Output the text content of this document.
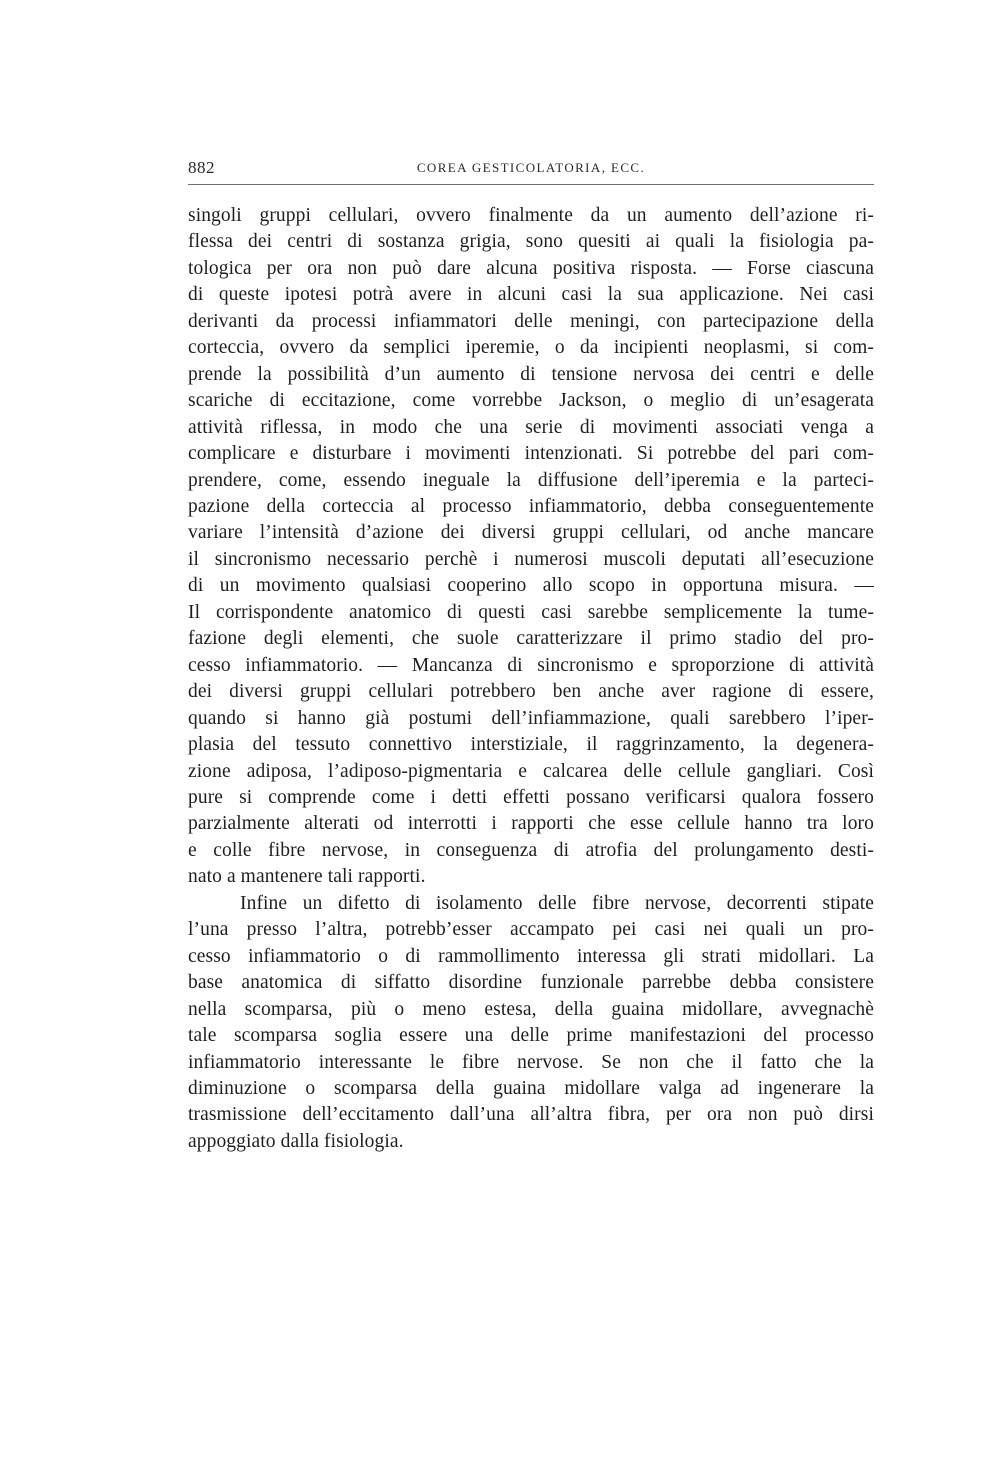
882	COREA GESTICOLATORIA, ECC.

singoli gruppi cellulari, ovvero finalmente da un aumento dell’azione ri-
flessa dei centri di sostanza grigia, sono quesiti ai quali la fisiologia pa-
tologica per ora non può dare alcuna positiva risposta. — Forse ciascuna
di queste ipotesi potrà avere in alcuni casi la sua applicazione. Nei casi
derivanti da processi infiammatori delle meningi, con partecipazione della
corteccia, ovvero da semplici iperemie, o da incipienti neoplasmi, si com-
prende la possibilità d’un aumento di tensione nervosa dei centri e delle
scariche di eccitazione, come vorrebbe Jackson, o meglio di un’esagerata
attività riflessa, in modo che una serie di movimenti associati venga a
complicare e disturbare i movimenti intenzionati. Si potrebbe del pari com-
prendere, come, essendo ineguale la diffusione dell’iperemia e la parteci-
pazione della corteccia al processo infiammatorio, debba conseguentemente
variare l’intensità d’azione dei diversi gruppi cellulari, od anche mancare
il sincronismo necessario perchè i numerosi muscoli deputati all’esecuzione
di un movimento qualsiasi cooperino allo scopo in opportuna misura. —
Il corrispondente anatomico di questi casi sarebbe semplicemente la tume-
fazione degli elementi, che suole caratterizzare il primo stadio del pro-
cesso infiammatorio. — Mancanza di sincronismo e sproporzione di attività
dei diversi gruppi cellulari potrebbero ben anche aver ragione di essere,
quando si hanno già postumi dell’infiammazione, quali sarebbero l’iper-
plasia del tessuto connettivo interstiziale, il raggrinzamento, la degenera-
zione adiposa, l’adiposo-pigmentaria e calcarea delle cellule gangliari. Così
pure si comprende come i detti effetti possano verificarsi qualora fossero
parzialmente alterati od interrotti i rapporti che esse cellule hanno tra loro
e colle fibre nervose, in conseguenza di atrofia del prolungamento desti-
nato a mantenere tali rapporti.

Infine un difetto di isolamento delle fibre nervose, decorrenti stipate
l’una presso l’altra, potrebb’esser accampato pei casi nei quali un pro-
cesso infiammatorio o di rammollimento interessa gli strati midollari. La
base anatomica di siffatto disordine funzionale parrebbe debba consistere
nella scomparsa, più o meno estesa, della guaina midollare, avvegnachè
tale scomparsa soglia essere una delle prime manifestazioni del processo
infiammatorio interessante le fibre nervose. Se non che il fatto che la
diminuzione o scomparsa della guaina midollare valga ad ingenerare la
trasmissione dell’eccitamento dall’una all’altra fibra, per ora non può dirsi
appoggiato dalla fisiologia.
